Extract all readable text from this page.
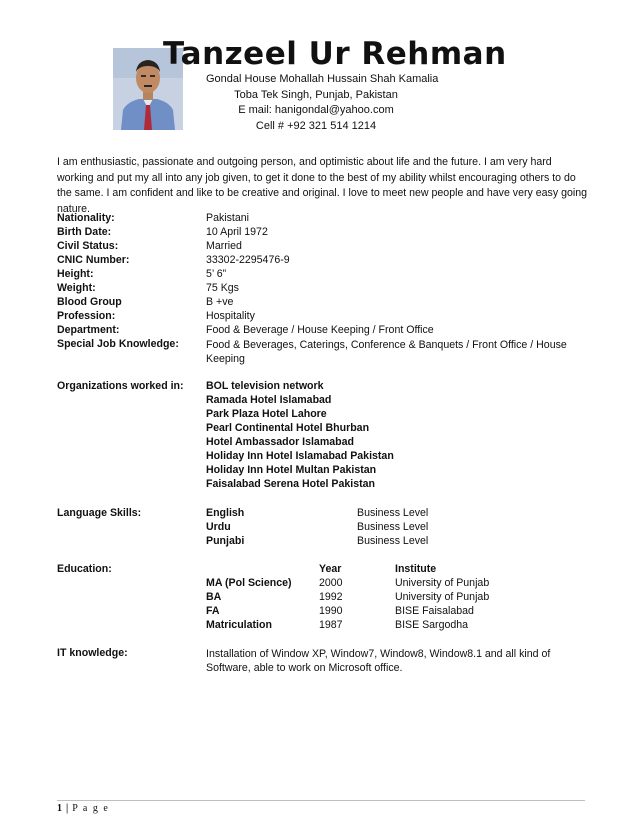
Tanzeel Ur Rehman
Gondal House Mohallah Hussain Shah Kamalia
Toba Tek Singh, Punjab, Pakistan
E mail: hanigondal@yahoo.com
Cell # +92 321 514 1214
I am enthusiastic, passionate and outgoing person, and optimistic about life and the future. I am very hard working and put my all into any job given, to get it done to the best of my ability whilst encouraging others to do the same. I am confident and like to be creative and original. I love to meet new people and have very easy going nature.
Nationality:	Pakistani
Birth Date:	10 April 1972
Civil Status:	Married
CNIC Number:	33302-2295476-9
Height:	5’ 6”
Weight:	75 Kgs
Blood Group	B +ve
Profession:	Hospitality
Department:	Food & Beverage / House Keeping / Front Office
Special Job Knowledge:	Food & Beverages, Caterings, Conference & Banquets / Front Office / House Keeping
Organizations worked in: BOL television network
Ramada Hotel Islamabad
Park Plaza Hotel Lahore
Pearl Continental Hotel Bhurban
Hotel Ambassador Islamabad
Holiday Inn Hotel Islamabad Pakistan
Holiday Inn Hotel Multan Pakistan
Faisalabad Serena Hotel Pakistan
Language Skills:	English	Business Level
Urdu	Business Level
Punjabi	Business Level
Education:	Year	Institute
MA (Pol Science)	2000	University of Punjab
BA	1992	University of Punjab
FA	1990	BISE Faisalabad
Matriculation	1987	BISE Sargodha
IT knowledge:	Installation of Window XP, Window7, Window8, Window8.1 and all kind of Software, able to work on Microsoft office.
1 | P a g e
